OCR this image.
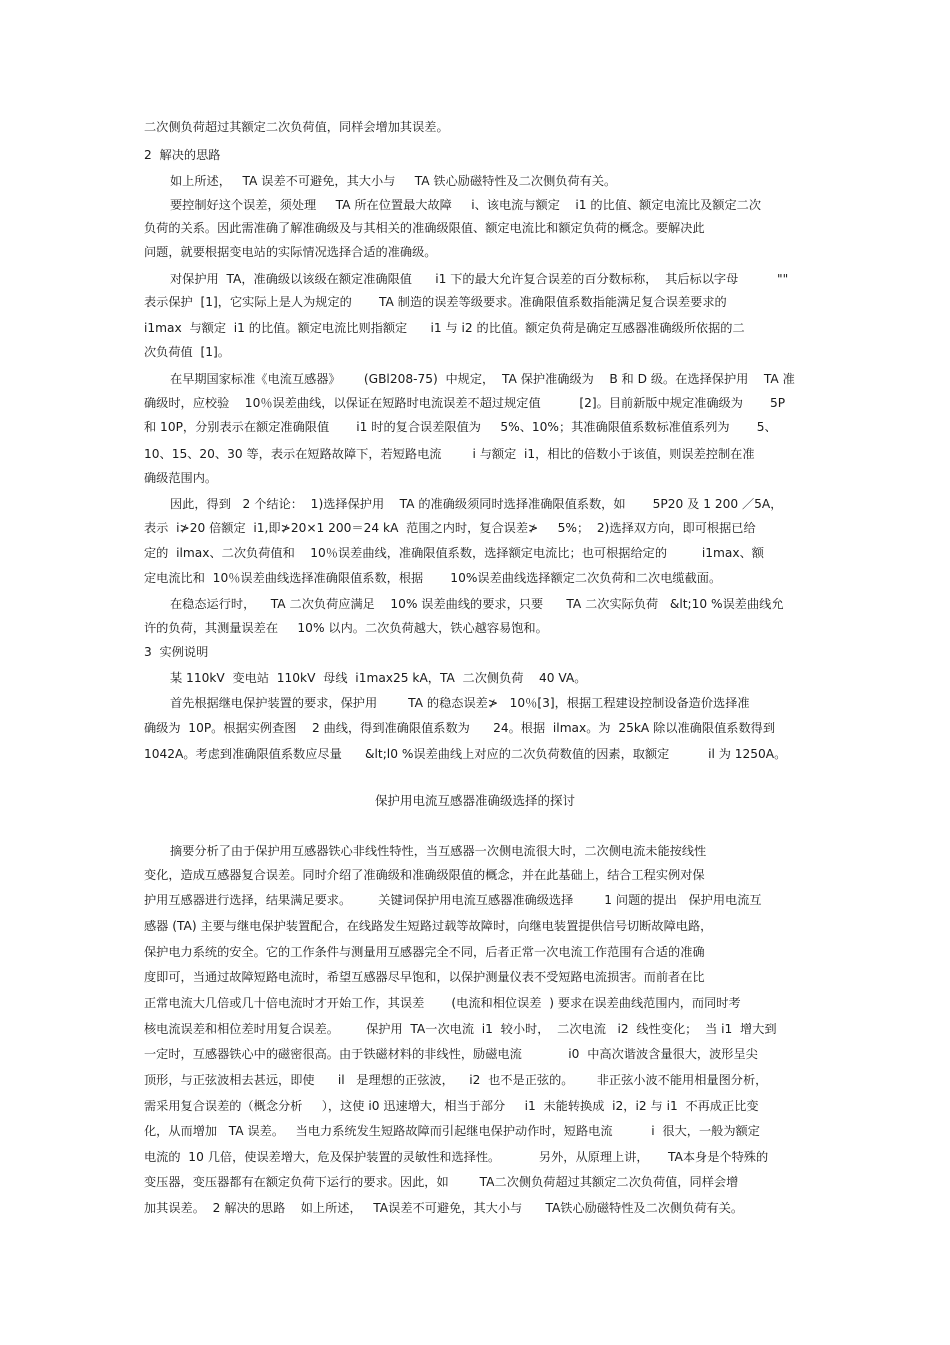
二次侧负荷超过其额定二次负荷值，同样会增加其误差。
2  解决的思路
如上所述，   TA 误差不可避免，其大小与     TA 铁心励磁特性及二次侧负荷有关。
要控制好这个误差，须处理     TA 所在位置最大故障     i、该电流与额定    i1 的比值、额定电流比及额定二次
负荷的关系。因此需准确了解准确级及与其相关的准确级限值、额定电流比和额定负荷的概念。要解决此
问题，就要根据变电站的实际情况选择合适的准确级。
对保护用  TA，准确级以该级在额定准确限值      i1 下的最大允许复合误差的百分数标称，  其后标以字母          ""
表示保护  [1]，它实际上是人为规定的       TA 制造的误差等级要求。准确限值系数指能满足复合误差要求的
i1max  与额定  i1 的比值。额定电流比则指额定      i1 与 i2 的比值。额定负荷是确定互感器准确级所依据的二
次负荷值  [1]。
在早期国家标准《电流互感器》      (GBl208-75)  中规定，  TA 保护准确级为    B 和 D 级。在选择保护用    TA 准
确级时，应校验    10％误差曲线，以保证在短路时电流误差不超过规定值          [2]。目前新版中规定准确级为       5P
和 10P，分别表示在额定准确限值       i1 时的复合误差限值为     5%、10%；其准确限值系数标准值系列为       5、
10、15、20、30 等，表示在短路故障下，若短路电流        i 与额定  i1，相比的倍数小于该值，则误差控制在准
确级范围内。
因此，得到   2 个结论：  1)选择保护用    TA 的准确级须同时选择准确限值系数，如       5P20 及 1 200 ／5A，
表示  i≯20 倍额定  i1,即≯20×1 200＝24 kA  范围之内时，复合误差≯     5%；  2)选择双方向，即可根据已给
定的  ilmax、二次负荷值和    10％误差曲线，准确限值系数，选择额定电流比；也可根据给定的         i1max、额
定电流比和  10％误差曲线选择准确限值系数，根据       10%误差曲线选择额定二次负荷和二次电缆截面。
在稳态运行时，    TA 二次负荷应满足    10% 误差曲线的要求，只要      TA 二次实际负荷   &lt;10 %误差曲线允
许的负荷，其测量误差在     10% 以内。二次负荷越大，铁心越容易饱和。
3  实例说明
某 110kV  变电站  110kV  母线  i1max25 kA，TA  二次侧负荷    40 VA。
首先根据继电保护装置的要求，保护用        TA 的稳态误差≯   10％[3]，根据工程建设控制设备造价选择准
确级为  10P。根据实例查图    2 曲线，得到准确限值系数为      24。根据  ilmax。为  25kA 除以准确限值系数得到
1042A。考虑到准确限值系数应尽量      &lt;l0 %误差曲线上对应的二次负荷数值的因素，取额定          il 为 1250A。
保护用电流互感器准确级选择的探讨
摘要分析了由于保护用互感器铁心非线性特性，当互感器一次侧电流很大时，二次侧电流未能按线性
变化，造成互感器复合误差。同时介绍了准确级和准确级限值的概念，并在此基础上，结合工程实例对保
护用互感器进行选择，结果满足要求。       关键词保护用电流互感器准确级选择        1 问题的提出   保护用电流互
感器 (TA) 主要与继电保护装置配合，在线路发生短路过载等故障时，向继电装置提供信号切断故障电路，
保护电力系统的安全。它的工作条件与测量用互感器完全不同，后者正常一次电流工作范围有合适的准确
度即可，当通过故障短路电流时，希望互感器尽早饱和，以保护测量仪表不受短路电流损害。而前者在比
正常电流大几倍或几十倍电流时才开始工作，其误差       (电流和相位误差  ) 要求在误差曲线范围内，而同时考
核电流误差和相位差时用复合误差。       保护用  TA一次电流  i1  较小时，  二次电流   i2  线性变化；  当 i1  增大到
一定时，互感器铁心中的磁密很高。由于铁磁材料的非线性，励磁电流            i0  中高次谐波含量很大，波形呈尖
顶形，与正弦波相去甚远，即使      il   是理想的正弦波，    i2  也不是正弦的。      非正弦小波不能用相量图分析，
需采用复合误差的（概念分析     ），这使 i0 迅速增大，相当于部分     i1  未能转换成  i2，i2 与 i1  不再成正比变
化，从而增加   TA 误差。   当电力系统发生短路故障而引起继电保护动作时，短路电流          i  很大，一般为额定
电流的  10 几倍，使误差增大，危及保护装置的灵敏性和选择性。          另外，从原理上讲，     TA本身是个特殊的
变压器，变压器都有在额定负荷下运行的要求。因此，如        TA二次侧负荷超过其额定二次负荷值，同样会增
加其误差。  2 解决的思路    如上所述，   TA误差不可避免，其大小与      TA铁心励磁特性及二次侧负荷有关。
